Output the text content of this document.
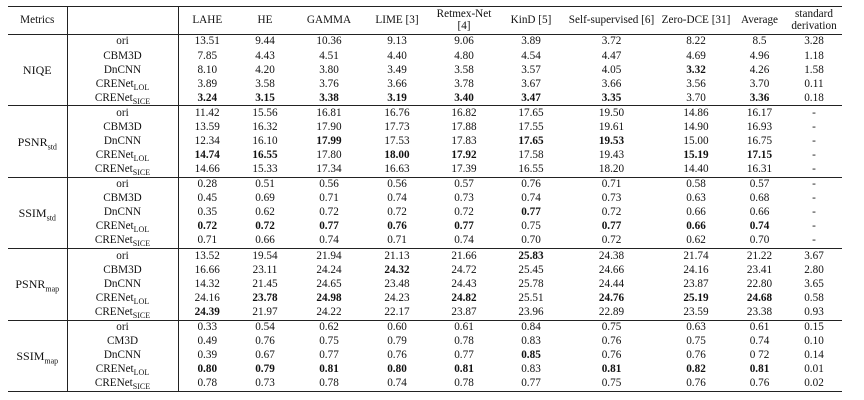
Metrics		LAHE	HE	GAMMA	LIME [3]	Retmex-Net [4]	KinD [5]	Self-supervised [6]	Zero-DCE [31]	Average	standard derivation
NIQE	ori	13.51	9.44	10.36	9.13	9.06	3.89	3.72	8.22	8.5	3.28
	CBM3D	7.85	4.43	4.51	4.40	4.80	4.54	4.47	4.69	4.96	1.18
	DnCNN	8.10	4.20	3.80	3.49	3.58	3.57	4.05	3.32	4.26	1.58
	CRENet$_{LOL}$	3.89	3.58	3.76	3.66	3.78	3.67	3.66	3.56	3.70	0.11
	CRENet$_{SICE}$	3.24	3.15	3.38	3.19	3.40	3.47	3.35	3.70	3.36	0.18
$PSNR_{std}$	ori	11.42	15.56	16.81	16.76	16.82	17.65	19.50	14.86	16.17	-
	CBM3D	13.59	16.32	17.90	17.73	17.88	17.55	19.61	14.90	16.93	-
	DnCNN	12.34	16.10	17.99	17.53	17.83	17.65	19.53	15.00	16.75	-
	CRENet$_{LOL}$	14.74	16.55	17.80	18.00	17.92	17.58	19.43	15.19	17.15	-
	CRENet$_{SICE}$	14.66	15.33	17.34	16.63	17.39	16.55	18.20	14.40	16.31	-
$SSIM_{std}$	ori	0.28	0.51	0.56	0.56	0.57	0.76	0.71	0.58	0.57	-
	CBM3D	0.45	0.69	0.71	0.74	0.73	0.74	0.73	0.63	0.68	-
	DnCNN	0.35	0.62	0.72	0.72	0.72	0.77	0.72	0.66	0.66	-
	CRENet$_{LOL}$	0.72	0.72	0.77	0.76	0.77	0.75	0.77	0.66	0.74	-
	CRENet$_{SICE}$	0.71	0.66	0.74	0.71	0.74	0.70	0.72	0.62	0.70	-
$PSNR_{map}$	ori	13.52	19.54	21.94	21.13	21.66	25.83	24.38	21.74	21.22	3.67
	CBM3D	16.66	23.11	24.24	24.32	24.72	25.45	24.66	24.16	23.41	2.80
	DnCNN	14.32	21.45	24.65	23.48	24.43	25.78	24.44	23.87	22.80	3.65
	CRENet$_{LOL}$	24.16	23.78	24.98	24.23	24.82	25.51	24.76	25.19	24.68	0.58
	CRENet$_{SICE}$	24.39	21.97	24.22	22.17	23.87	23.96	22.89	23.59	23.38	0.93
$SSIM_{map}$	ori	0.33	0.54	0.62	0.60	0.61	0.84	0.75	0.63	0.61	0.15
	CM3D	0.49	0.76	0.75	0.79	0.78	0.83	0.76	0.75	0.74	0.10
	DnCNN	0.39	0.67	0.77	0.76	0.77	0.85	0.76	0.76	0 72	0.14
	CRENet$_{LOL}$	0.80	0.79	0.81	0.80	0.81	0.83	0.81	0.82	0.81	0.01
	CRENet$_{SICE}$	0.78	0.73	0.78	0.74	0.78	0.77	0.75	0.76	0.76	0.02
